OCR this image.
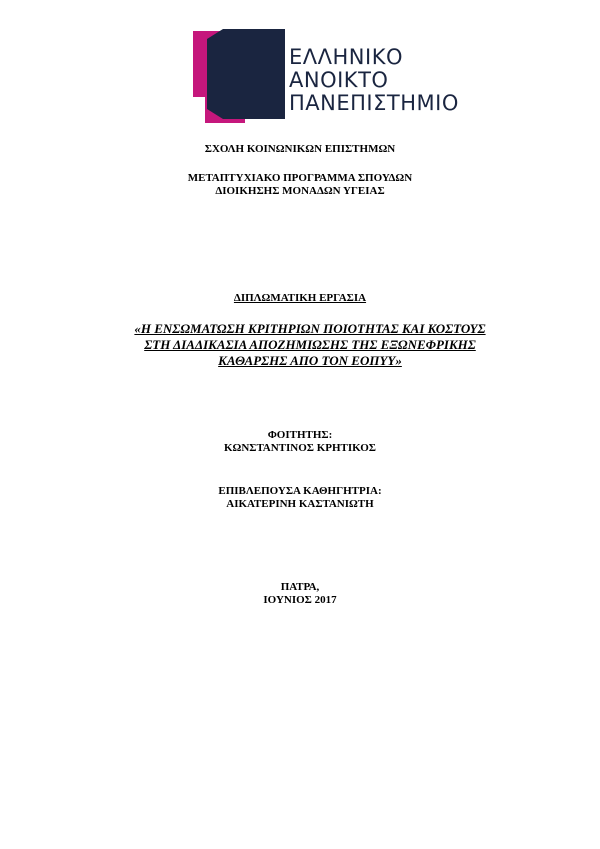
ΕΛΛΗΝΙΚΟ
ΑΝΟΙΚΤΟ
ΠΑΝΕΠΙΣΤΗΜΙΟ
ΣΧΟΛΗ ΚΟΙΝΩΝΙΚΩΝ ΕΠΙΣΤΗΜΩΝ
ΜΕΤΑΠΤΥΧΙΑΚΟ ΠΡΟΓΡΑΜΜΑ ΣΠΟΥΔΩΝ
ΔΙΟΙΚΗΣΗΣ ΜΟΝΑΔΩΝ ΥΓΕΙΑΣ
ΔΙΠΛΩΜΑΤΙΚΗ ΕΡΓΑΣΙΑ
«Η ΕΝΣΩΜΑΤΩΣΗ ΚΡΙΤΗΡΙΩΝ ΠΟΙΟΤΗΤΑΣ ΚΑΙ ΚΟΣΤΟΥΣ
ΣΤΗ ΔΙΑΔΙΚΑΣΙΑ ΑΠΟΖΗΜΙΩΣΗΣ ΤΗΣ ΕΞΩΝΕΦΡΙΚΗΣ
ΚΑΘΑΡΣΗΣ ΑΠΟ ΤΟΝ ΕΟΠΥΥ»
ΦΟΙΤΗΤΗΣ:
ΚΩΝΣΤΑΝΤΙΝΟΣ ΚΡΗΤΙΚΟΣ
ΕΠΙΒΛΕΠΟΥΣΑ ΚΑΘΗΓΗΤΡΙΑ:
ΑΙΚΑΤΕΡΙΝΗ ΚΑΣΤΑΝΙΩΤΗ
ΠΑΤΡΑ,
ΙΟΥΝΙΟΣ 2017
